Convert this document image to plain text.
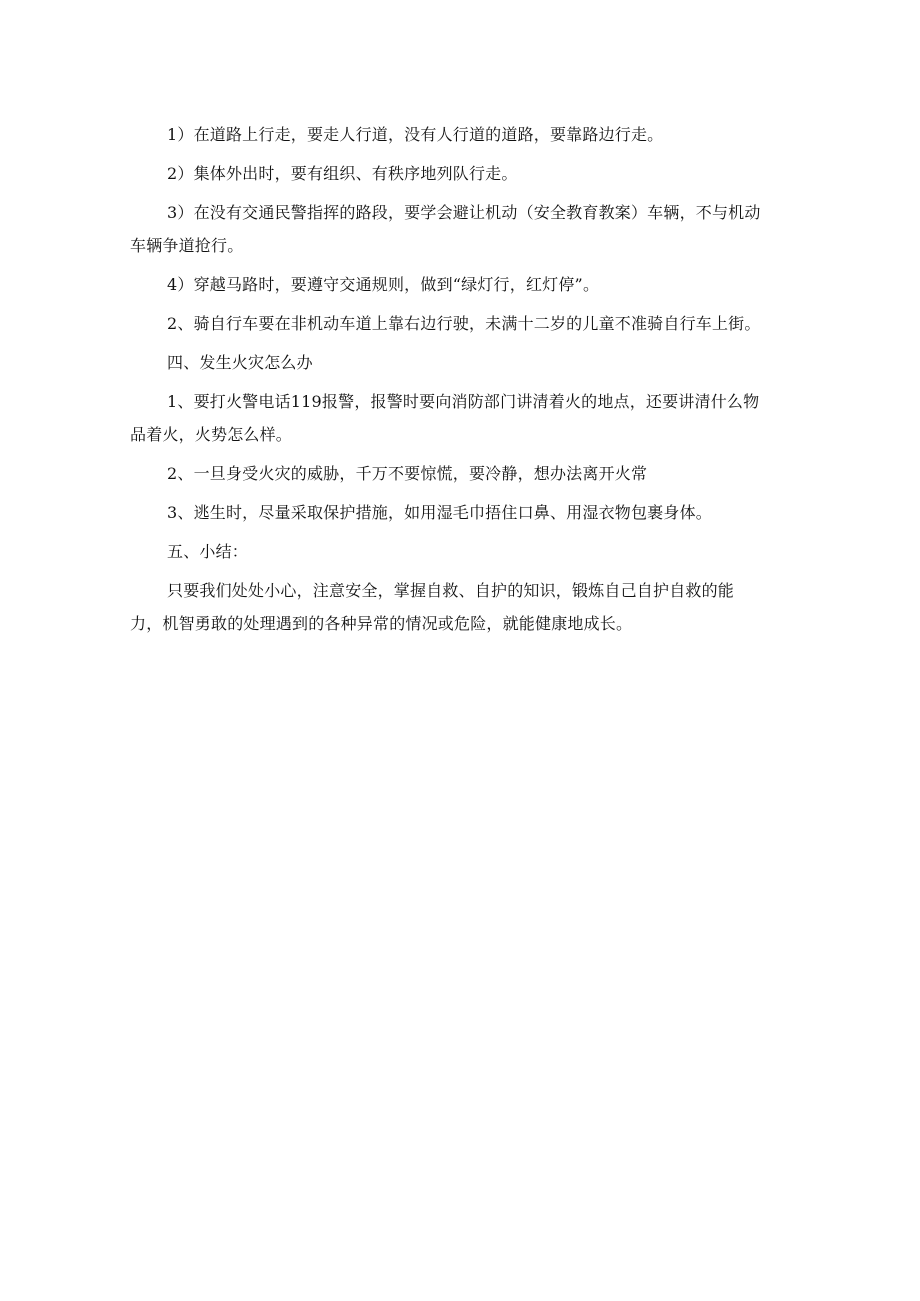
1）在道路上行走，要走人行道，没有人行道的道路，要靠路边行走。

2）集体外出时，要有组织、有秩序地列队行走。

3）在没有交通民警指挥的路段，要学会避让机动（安全教育教案）车辆，不与机动
车辆争道抢行。

4）穿越马路时，要遵守交通规则，做到“绿灯行，红灯停”。

2、骑自行车要在非机动车道上靠右边行驶，未满十二岁的儿童不准骑自行车上街。

四、发生火灾怎么办

1、要打火警电话119报警，报警时要向消防部门讲清着火的地点，还要讲清什么物
品着火，火势怎么样。

2、一旦身受火灾的威胁，千万不要惊慌，要冷静，想办法离开火常

3、逃生时，尽量采取保护措施，如用湿毛巾捂住口鼻、用湿衣物包裹身体。

五、小结：

只要我们处处小心，注意安全，掌握自救、自护的知识，锻炼自己自护自救的能
力，机智勇敢的处理遇到的各种异常的情况或危险，就能健康地成长。
